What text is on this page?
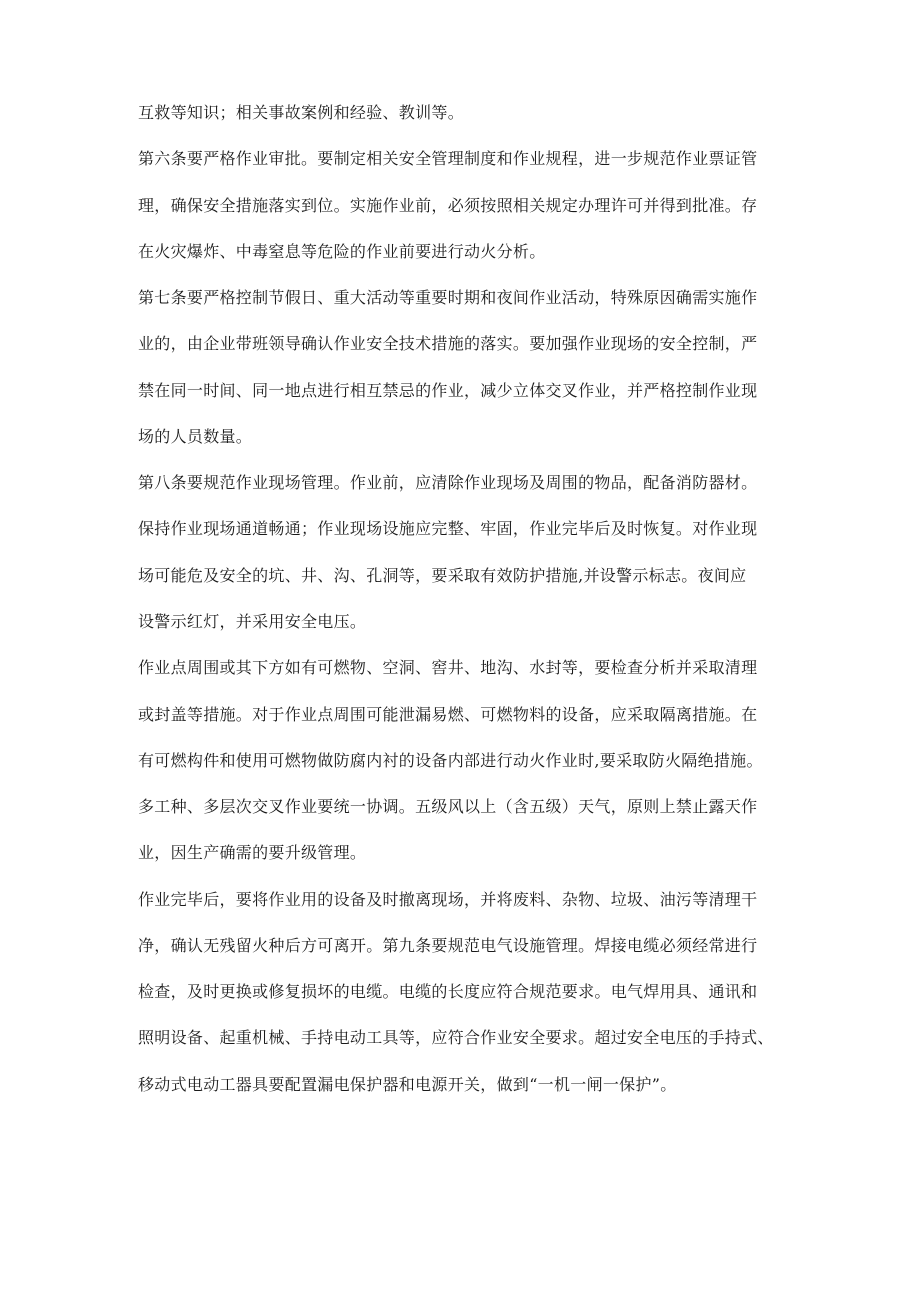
互救等知识；相关事故案例和经验、教训等。
第六条要严格作业审批。要制定相关安全管理制度和作业规程，进一步规范作业票证管
理，确保安全措施落实到位。实施作业前，必须按照相关规定办理许可并得到批准。存
在火灾爆炸、中毒窒息等危险的作业前要进行动火分析。
第七条要严格控制节假日、重大活动等重要时期和夜间作业活动，特殊原因确需实施作
业的，由企业带班领导确认作业安全技术措施的落实。要加强作业现场的安全控制，严
禁在同一时间、同一地点进行相互禁忌的作业，减少立体交叉作业，并严格控制作业现
场的人员数量。
第八条要规范作业现场管理。作业前，应清除作业现场及周围的物品，配备消防器材。
保持作业现场通道畅通；作业现场设施应完整、牢固，作业完毕后及时恢复。对作业现
场可能危及安全的坑、井、沟、孔洞等，要采取有效防护措施,并设警示标志。夜间应
设警示红灯，并采用安全电压。
作业点周围或其下方如有可燃物、空洞、窖井、地沟、水封等，要检查分析并采取清理
或封盖等措施。对于作业点周围可能泄漏易燃、可燃物料的设备，应采取隔离措施。在
有可燃构件和使用可燃物做防腐内衬的设备内部进行动火作业时,要采取防火隔绝措施。
多工种、多层次交叉作业要统一协调。五级风以上（含五级）天气，原则上禁止露天作
业，因生产确需的要升级管理。
作业完毕后，要将作业用的设备及时撤离现场，并将废料、杂物、垃圾、油污等清理干
净，确认无残留火种后方可离开。第九条要规范电气设施管理。焊接电缆必须经常进行
检查，及时更换或修复损坏的电缆。电缆的长度应符合规范要求。电气焊用具、通讯和
照明设备、起重机械、手持电动工具等，应符合作业安全要求。超过安全电压的手持式、
移动式电动工器具要配置漏电保护器和电源开关，做到“一机一闸一保护”。
